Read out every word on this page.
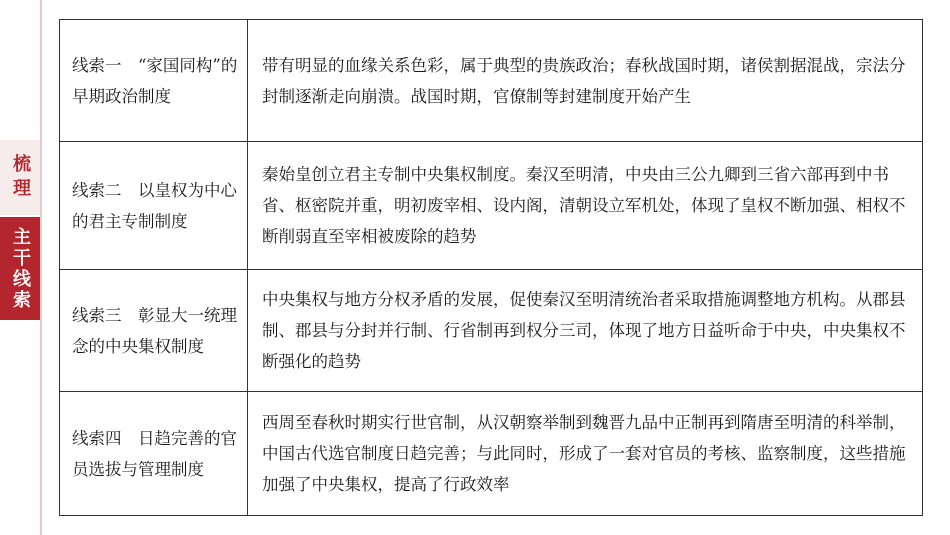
梳理
主干线索
线索一　“家国同构”的早期政治制度	带有明显的血缘关系色彩，属于典型的贵族政治；春秋战国时期，诸侯割据混战，宗法分封制逐渐走向崩溃。战国时期，官僚制等封建制度开始产生
线索二　以皇权为中心的君主专制制度	秦始皇创立君主专制中央集权制度。秦汉至明清，中央由三公九卿到三省六部再到中书省、枢密院并重，明初废宰相、设内阁，清朝设立军机处，体现了皇权不断加强、相权不断削弱直至宰相被废除的趋势
线索三　彰显大一统理念的中央集权制度	中央集权与地方分权矛盾的发展，促使秦汉至明清统治者采取措施调整地方机构。从郡县制、郡县与分封并行制、行省制再到权分三司，体现了地方日益听命于中央，中央集权不断强化的趋势
线索四　日趋完善的官员选拔与管理制度	西周至春秋时期实行世官制，从汉朝察举制到魏晋九品中正制再到隋唐至明清的科举制，中国古代选官制度日趋完善；与此同时，形成了一套对官员的考核、监察制度，这些措施加强了中央集权，提高了行政效率
